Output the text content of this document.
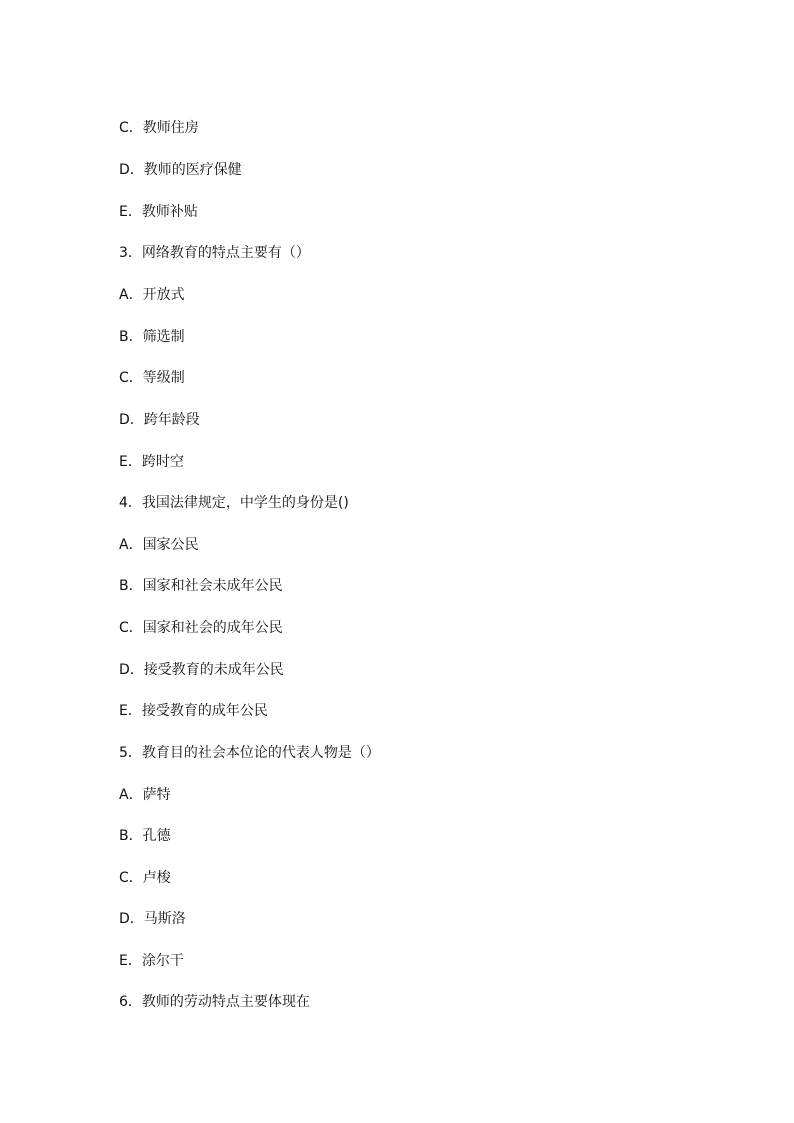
C．教师住房
D．教师的医疗保健
E．教师补贴
3．网络教育的特点主要有（）
A．开放式
B．筛选制
C．等级制
D．跨年龄段
E．跨时空
4．我国法律规定，中学生的身份是()
A．国家公民
B．国家和社会未成年公民
C．国家和社会的成年公民
D．接受教育的未成年公民
E．接受教育的成年公民
5．教育目的社会本位论的代表人物是（）
A．萨特
B．孔德
C．卢梭
D．马斯洛
E．涂尔干
6．教师的劳动特点主要体现在
